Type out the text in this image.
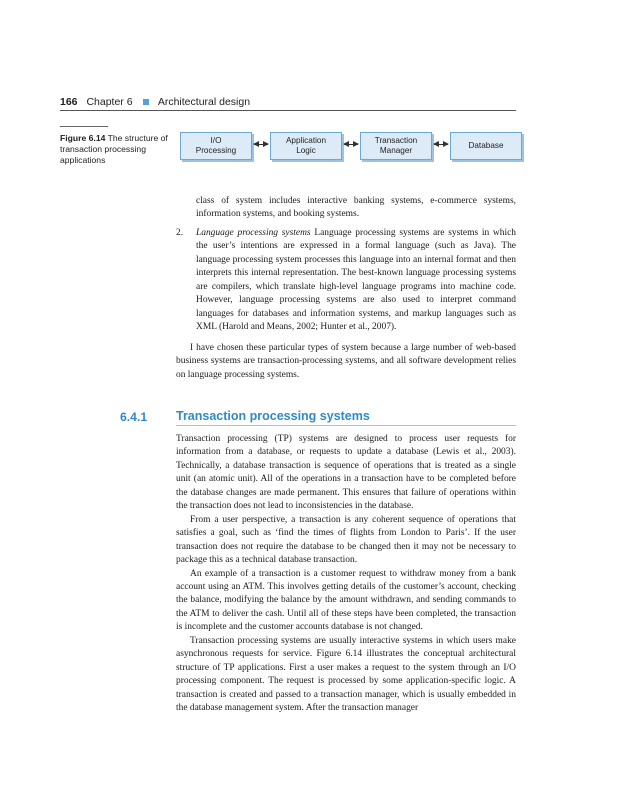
166 Chapter 6 Architectural design
Figure 6.14 The structure of transaction processing applications
I/O
Processing
Application
Logic
Transaction
Manager
Database

class of system includes interactive banking systems, e-commerce systems, information systems, and booking systems.

2. Language processing systems Language processing systems are systems in which the user’s intentions are expressed in a formal language (such as Java). The language processing system processes this language into an internal format and then interprets this internal representation. The best-known language processing systems are compilers, which translate high-level language programs into machine code. However, language processing systems are also used to interpret command languages for databases and information systems, and markup languages such as XML (Harold and Means, 2002; Hunter et al., 2007).

I have chosen these particular types of system because a large number of web-based business systems are transaction-processing systems, and all software development relies on language processing systems.

6.4.1 Transaction processing systems

Transaction processing (TP) systems are designed to process user requests for information from a database, or requests to update a database (Lewis et al., 2003). Technically, a database transaction is sequence of operations that is treated as a single unit (an atomic unit). All of the operations in a transaction have to be completed before the database changes are made permanent. This ensures that failure of operations within the transaction does not lead to inconsistencies in the database.

From a user perspective, a transaction is any coherent sequence of operations that satisfies a goal, such as ‘find the times of flights from London to Paris’. If the user transaction does not require the database to be changed then it may not be necessary to package this as a technical database transaction.

An example of a transaction is a customer request to withdraw money from a bank account using an ATM. This involves getting details of the customer’s account, checking the balance, modifying the balance by the amount withdrawn, and sending commands to the ATM to deliver the cash. Until all of these steps have been completed, the transaction is incomplete and the customer accounts database is not changed.

Transaction processing systems are usually interactive systems in which users make asynchronous requests for service. Figure 6.14 illustrates the conceptual architectural structure of TP applications. First a user makes a request to the system through an I/O processing component. The request is processed by some application-specific logic. A transaction is created and passed to a transaction manager, which is usually embedded in the database management system. After the transaction manager
